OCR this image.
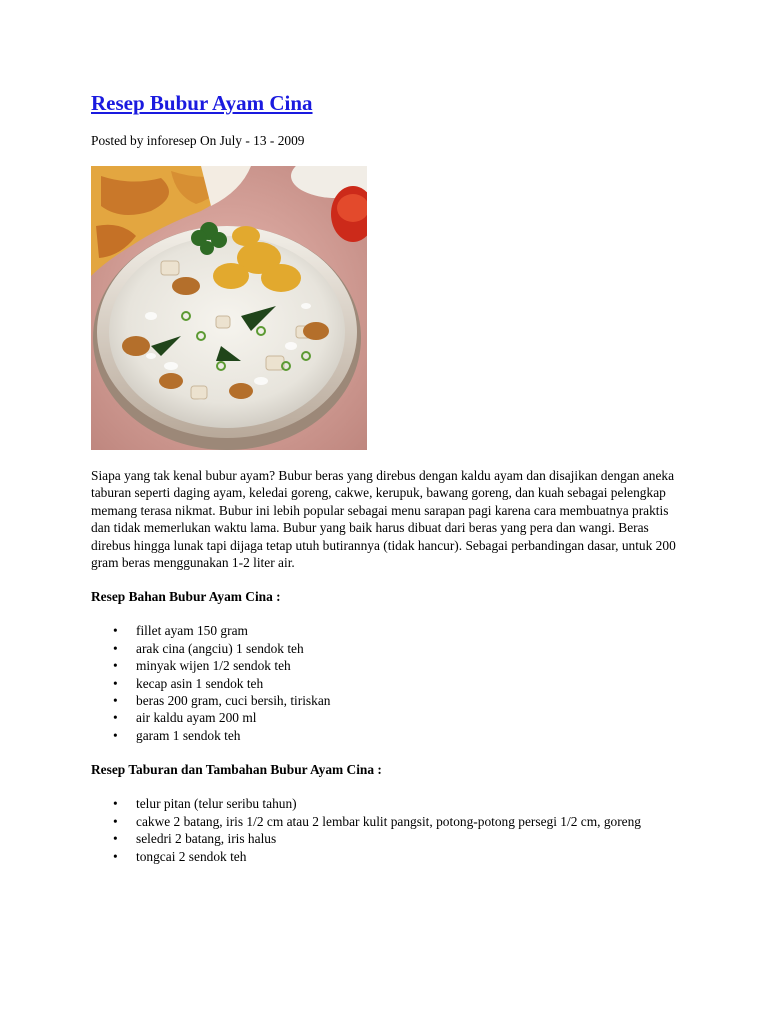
Resep Bubur Ayam Cina
Posted by inforesep On July - 13 - 2009

Siapa yang tak kenal bubur ayam? Bubur beras yang direbus dengan kaldu ayam dan disajikan dengan aneka taburan seperti daging ayam, keledai goreng, cakwe, kerupuk, bawang goreng, dan kuah sebagai pelengkap memang terasa nikmat. Bubur ini lebih popular sebagai menu sarapan pagi karena cara membuatnya praktis dan tidak memerlukan waktu lama. Bubur yang baik harus dibuat dari beras yang pera dan wangi. Beras direbus hingga lunak tapi dijaga tetap utuh butirannya (tidak hancur). Sebagai perbandingan dasar, untuk 200 gram beras menggunakan 1-2 liter air.

Resep Bahan Bubur Ayam Cina :
• fillet ayam 150 gram
• arak cina (angciu) 1 sendok teh
• minyak wijen 1/2 sendok teh
• kecap asin 1 sendok teh
• beras 200 gram, cuci bersih, tiriskan
• air kaldu ayam 200 ml
• garam 1 sendok teh
Resep Taburan dan Tambahan Bubur Ayam Cina :
• telur pitan (telur seribu tahun)
• cakwe 2 batang, iris 1/2 cm atau 2 lembar kulit pangsit, potong-potong persegi 1/2 cm, goreng
• seledri 2 batang, iris halus
• tongcai 2 sendok teh
